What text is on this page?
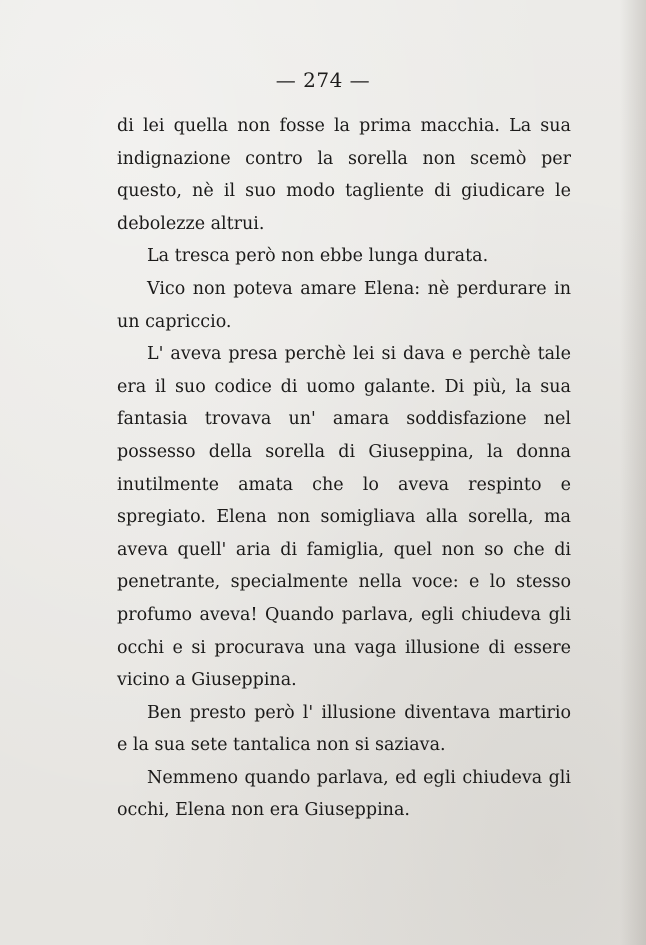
— 274 —

di lei quella non fosse la prima macchia. La sua indignazione contro la sorella non scemò per questo, nè il suo modo tagliente di giudicare le debolezze altrui.

La tresca però non ebbe lunga durata.

Vico non poteva amare Elena: nè perdurare in un capriccio.

L' aveva presa perchè lei si dava e perchè tale era il suo codice di uomo galante. Di più, la sua fantasia trovava un' amara soddisfazione nel possesso della sorella di Giuseppina, la donna inutilmente amata che lo aveva respinto e spregiato. Elena non somigliava alla sorella, ma aveva quell' aria di famiglia, quel non so che di penetrante, specialmente nella voce: e lo stesso profumo aveva! Quando parlava, egli chiudeva gli occhi e si procurava una vaga illusione di essere vicino a Giuseppina.

Ben presto però l' illusione diventava martirio e la sua sete tantalica non si saziava.

Nemmeno quando parlava, ed egli chiudeva gli occhi, Elena non era Giuseppina.
